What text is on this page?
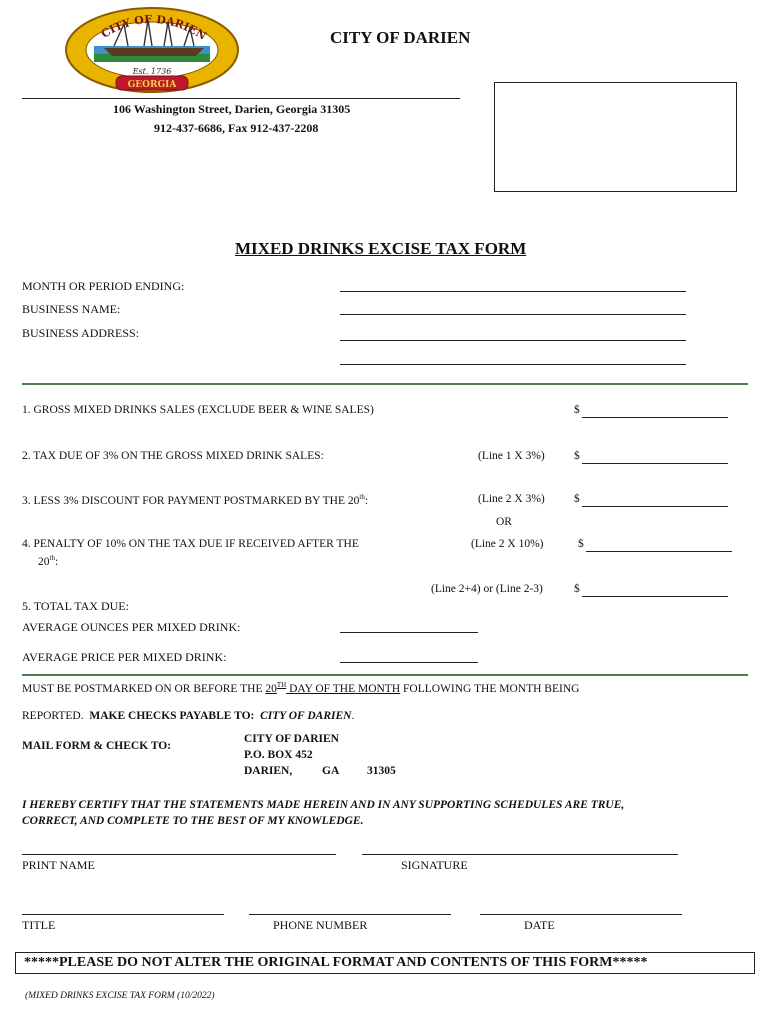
CITY OF DARIEN
Est. 1736
GEORGIA
CITY OF DARIEN
106 Washington Street, Darien, Georgia 31305
912-437-6686, Fax 912-437-2208
MIXED DRINKS EXCISE TAX FORM
MONTH OR PERIOD ENDING:
BUSINESS NAME:
BUSINESS ADDRESS:
1. GROSS MIXED DRINKS SALES (EXCLUDE BEER & WINE SALES)	$
2. TAX DUE OF 3% ON THE GROSS MIXED DRINK SALES:	(Line 1 X 3%)	$
3. LESS 3% DISCOUNT FOR PAYMENT POSTMARKED BY THE 20th:	(Line 2 X 3%)	$
OR
4. PENALTY OF 10% ON THE TAX DUE IF RECEIVED AFTER THE
20th:
(Line 2 X 10%)	$
(Line 2+4) or (Line 2-3)	$
5. TOTAL TAX DUE:
AVERAGE OUNCES PER MIXED DRINK:
AVERAGE PRICE PER MIXED DRINK:
MUST BE POSTMARKED ON OR BEFORE THE 20TH DAY OF THE MONTH FOLLOWING THE MONTH BEING
REPORTED. MAKE CHECKS PAYABLE TO: CITY OF DARIEN.
MAIL FORM & CHECK TO:
CITY OF DARIEN
P.O. BOX 452
DARIEN,	GA 31305
I HEREBY CERTIFY THAT THE STATEMENTS MADE HEREIN AND IN ANY SUPPORTING SCHEDULES ARE TRUE,
CORRECT, AND COMPLETE TO THE BEST OF MY KNOWLEDGE.
PRINT NAME	SIGNATURE
TITLE	PHONE NUMBER	DATE
*****PLEASE DO NOT ALTER THE ORIGINAL FORMAT AND CONTENTS OF THIS FORM*****
(MIXED DRINKS EXCISE TAX FORM (10/2022)
